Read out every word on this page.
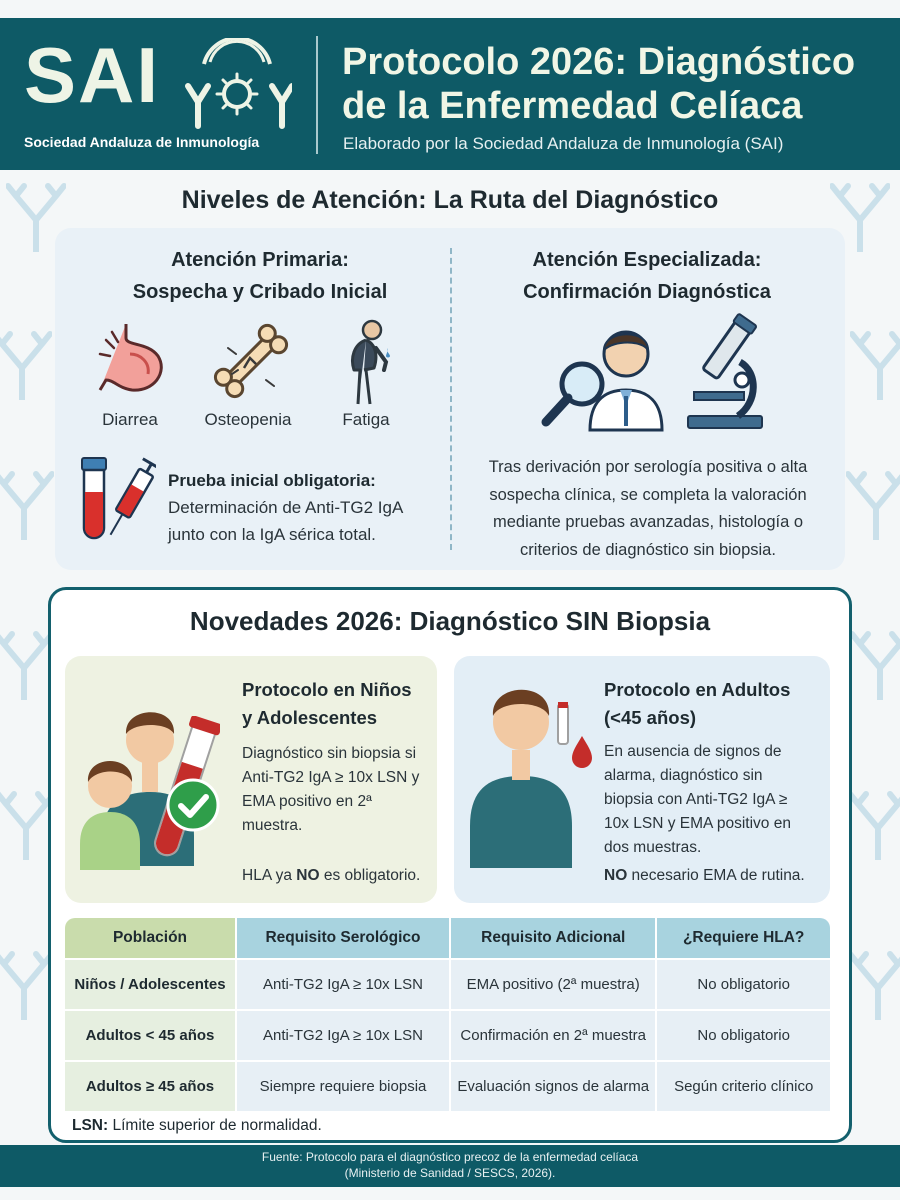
SAI
Sociedad Andaluza de Inmunología
Protocolo 2026: Diagnóstico
de la Enfermedad Celíaca
Elaborado por la Sociedad Andaluza de Inmunología (SAI)
Niveles de Atención: La Ruta del Diagnóstico
Atención Primaria:
Sospecha y Cribado Inicial
Diarrea	Osteopenia	Fatiga
Prueba inicial obligatoria:
Determinación de Anti-TG2 IgA junto con la IgA sérica total.
Atención Especializada:
Confirmación Diagnóstica
Tras derivación por serología positiva o alta sospecha clínica, se completa la valoración mediante pruebas avanzadas, histología o criterios de diagnóstico sin biopsia.
Novedades 2026: Diagnóstico SIN Biopsia
Protocolo en Niños
y Adolescentes
Diagnóstico sin biopsia si Anti-TG2 IgA ≥ 10x LSN y EMA positivo en 2ª muestra.
HLA ya NO es obligatorio.
Protocolo en Adultos
(<45 años)
En ausencia de signos de alarma, diagnóstico sin biopsia con Anti-TG2 IgA ≥ 10x LSN y EMA positivo en dos muestras.
NO necesario EMA de rutina.
Población	Requisito Serológico	Requisito Adicional	¿Requiere HLA?
Niños / Adolescentes	Anti-TG2 IgA ≥ 10x LSN	EMA positivo (2ª muestra)	No obligatorio
Adultos < 45 años	Anti-TG2 IgA ≥ 10x LSN	Confirmación en 2ª muestra	No obligatorio
Adultos ≥ 45 años	Siempre requiere biopsia	Evaluación signos de alarma	Según criterio clínico
LSN: Límite superior de normalidad.
Fuente: Protocolo para el diagnóstico precoz de la enfermedad celíaca
(Ministerio de Sanidad / SESCS, 2026).
